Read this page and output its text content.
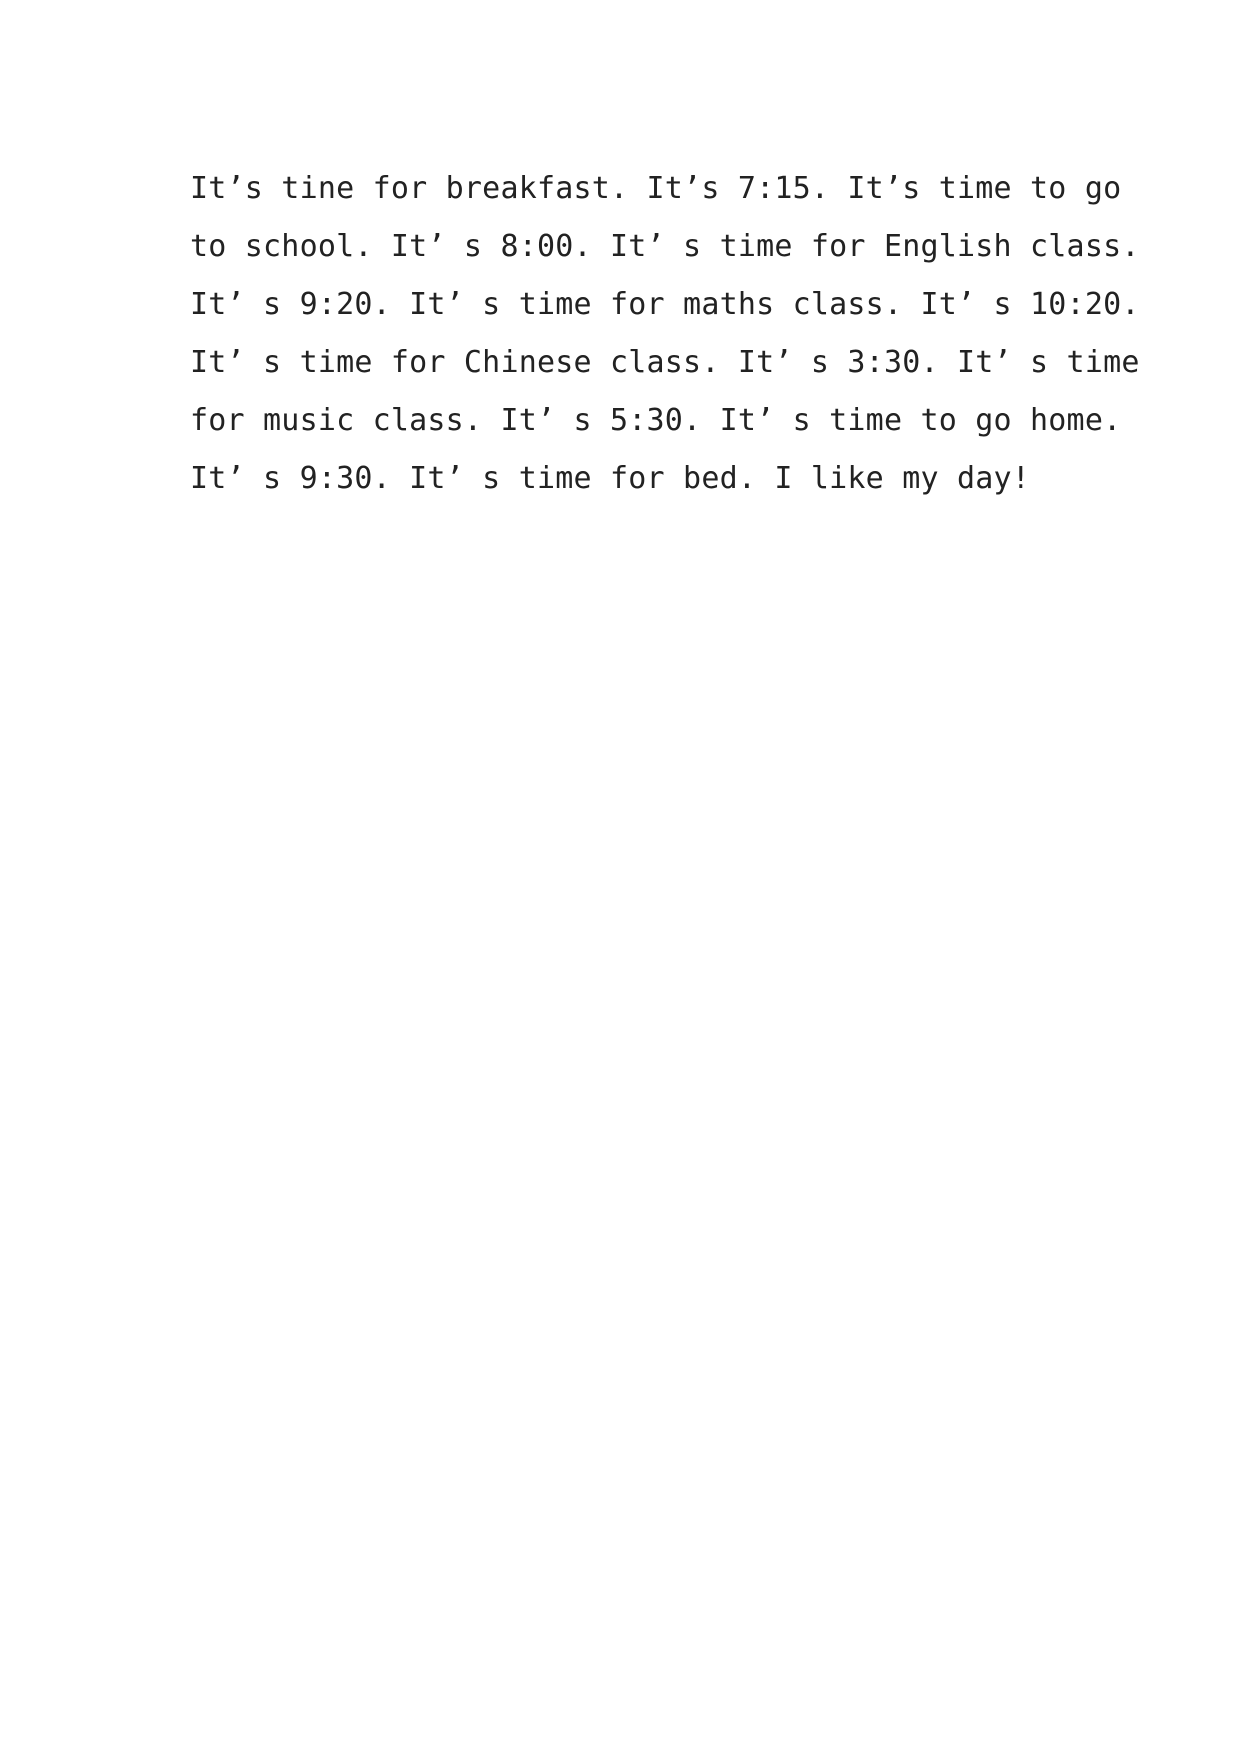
It’s tine for breakfast. It’s 7:15. It’s time to go
to school. It’ s 8:00. It’ s time for English class.
It’ s 9:20. It’ s time for maths class. It’ s 10:20.
It’ s time for Chinese class. It’ s 3:30. It’ s time
for music class. It’ s 5:30. It’ s time to go home.
It’ s 9:30. It’ s time for bed. I like my day!
